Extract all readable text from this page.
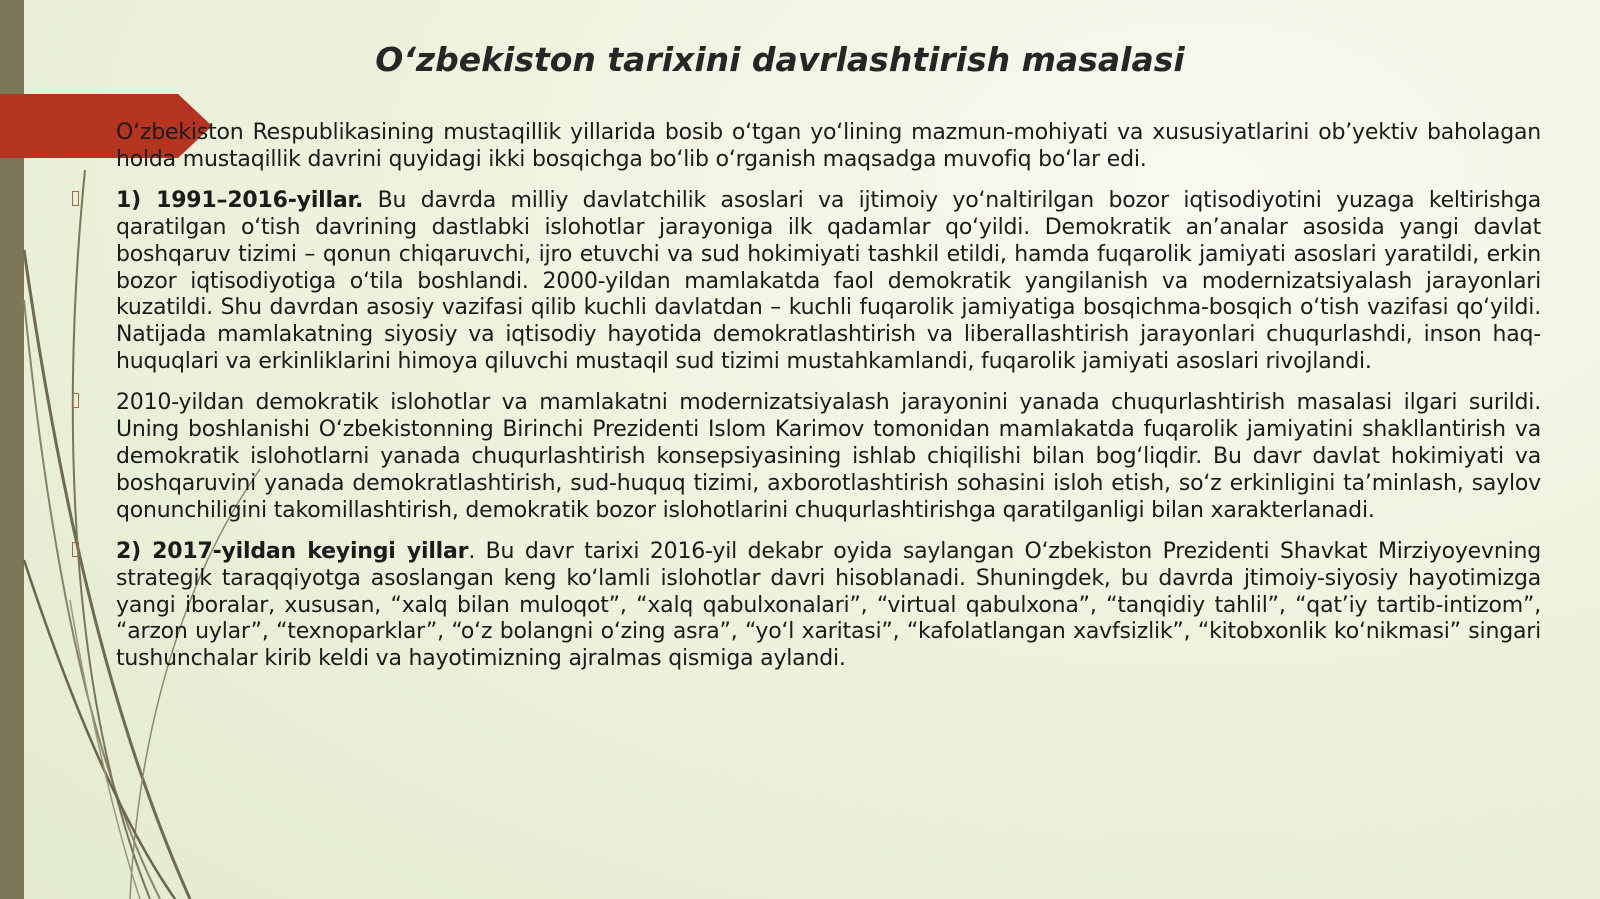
O‘zbekiston tarixini davrlashtirish masalasi

O‘zbekiston Respublikasining mustaqillik yillarida bosib o‘tgan yo‘lining mazmun-mohiyati va xususiyatlarini ob’yektiv baholagan holda mustaqillik davrini quyidagi ikki bosqichga bo‘lib o‘rganish maqsadga muvofiq bo‘lar edi.

1) 1991–2016-yillar. Bu davrda milliy davlatchilik asoslari va ijtimoiy yo‘naltirilgan bozor iqtisodiyotini yuzaga keltirishga qaratilgan o‘tish davrining dastlabki islohotlar jarayoniga ilk qadamlar qo‘yildi. Demokratik an’analar asosida yangi davlat boshqaruv tizimi – qonun chiqaruvchi, ijro etuvchi va sud hokimiyati tashkil etildi, hamda fuqarolik jamiyati asoslari yaratildi, erkin bozor iqtisodiyotiga o‘tila boshlandi. 2000-yildan mamlakatda faol demokratik yangilanish va modernizatsiyalash jarayonlari kuzatildi. Shu davrdan asosiy vazifasi qilib kuchli davlatdan – kuchli fuqarolik jamiyatiga bosqichma-bosqich o‘tish vazifasi qo‘yildi. Natijada mamlakatning siyosiy va iqtisodiy hayotida demokratlashtirish va liberallashtirish jarayonlari chuqurlashdi, inson haq-huquqlari va erkinliklarini himoya qiluvchi mustaqil sud tizimi mustahkamlandi, fuqarolik jamiyati asoslari rivojlandi.

2010-yildan demokratik islohotlar va mamlakatni modernizatsiyalash jarayonini yanada chuqurlashtirish masalasi ilgari surildi. Uning boshlanishi O‘zbekistonning Birinchi Prezidenti Islom Karimov tomonidan mamlakatda fuqarolik jamiyatini shakllantirish va demokratik islohotlarni yanada chuqurlashtirish konsepsiyasining ishlab chiqilishi bilan bog‘liqdir. Bu davr davlat hokimiyati va boshqaruvini yanada demokratlashtirish, sud-huquq tizimi, axborotlashtirish sohasini isloh etish, so‘z erkinligini ta’minlash, saylov qonunchiligini takomillashtirish, demokratik bozor islohotlarini chuqurlashtirishga qaratilganligi bilan xarakterlanadi.

2) 2017-yildan keyingi yillar. Bu davr tarixi 2016-yil dekabr oyida saylangan O‘zbekiston Prezidenti Shavkat Mirziyoyevning strategik taraqqiyotga asoslangan keng ko‘lamli islohotlar davri hisoblanadi. Shuningdek, bu davrda jtimoiy-siyosiy hayotimizga yangi iboralar, xususan, “xalq bilan muloqot”, “xalq qabulxonalari”, “virtual qabulxona”, “tanqidiy tahlil”, “qat’iy tartib-intizom”, “arzon uylar”, “texnoparklar”, “o‘z bolangni o‘zing asra”, “yo‘l xaritasi”, “kafolatlangan xavfsizlik”, “kitobxonlik ko‘nikmasi” singari tushunchalar kirib keldi va hayotimizning ajralmas qismiga aylandi.
